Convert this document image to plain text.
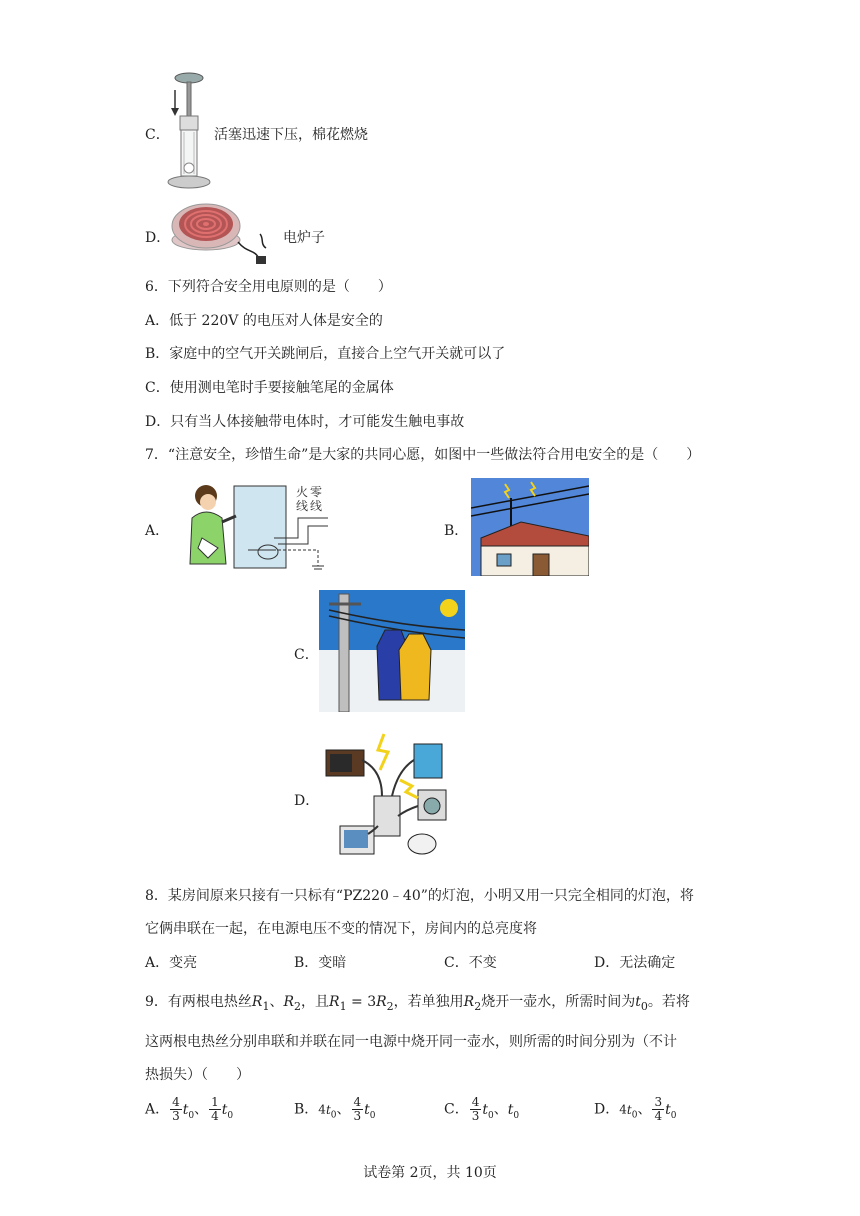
C．	活塞迅速下压，棉花燃烧
D．	电炉子
6．下列符合安全用电原则的是（　　）
A．低于 220V 的电压对人体是安全的
B．家庭中的空气开关跳闸后，直接合上空气开关就可以了
C．使用测电笔时手要接触笔尾的金属体
D．只有当人体接触带电体时，才可能发生触电事故
7．“注意安全，珍惜生命”是大家的共同心愿，如图中一些做法符合用电安全的是（　　）
A．
火 零
线 线
B．
C．
D．
8．某房间原来只接有一只标有“PZ220﹣40”的灯泡，小明又用一只完全相同的灯泡，将
它俩串联在一起，在电源电压不变的情况下，房间内的总亮度将
A．变亮	B．变暗	C．不变	D．无法确定
9．有两根电热丝$R_1$、$R_2$，且$R_1 = 3R_2$，若单独用$R_2$烧开一壶水，所需时间为$t_0$。若将
这两根电热丝分别串联和并联在同一电源中烧开同一壶水，则所需的时间分别为（不计
热损失）（　　）
A． $\frac{4}{3} t_0$、 $\frac{1}{4} t_0$	B．$4t_0$、 $\frac{4}{3} t_0$	C． $\frac{4}{3} t_0$、$t_0$	D．$4t_0$、 $\frac{3}{4} t_0$
试卷第 2页，共 10页
